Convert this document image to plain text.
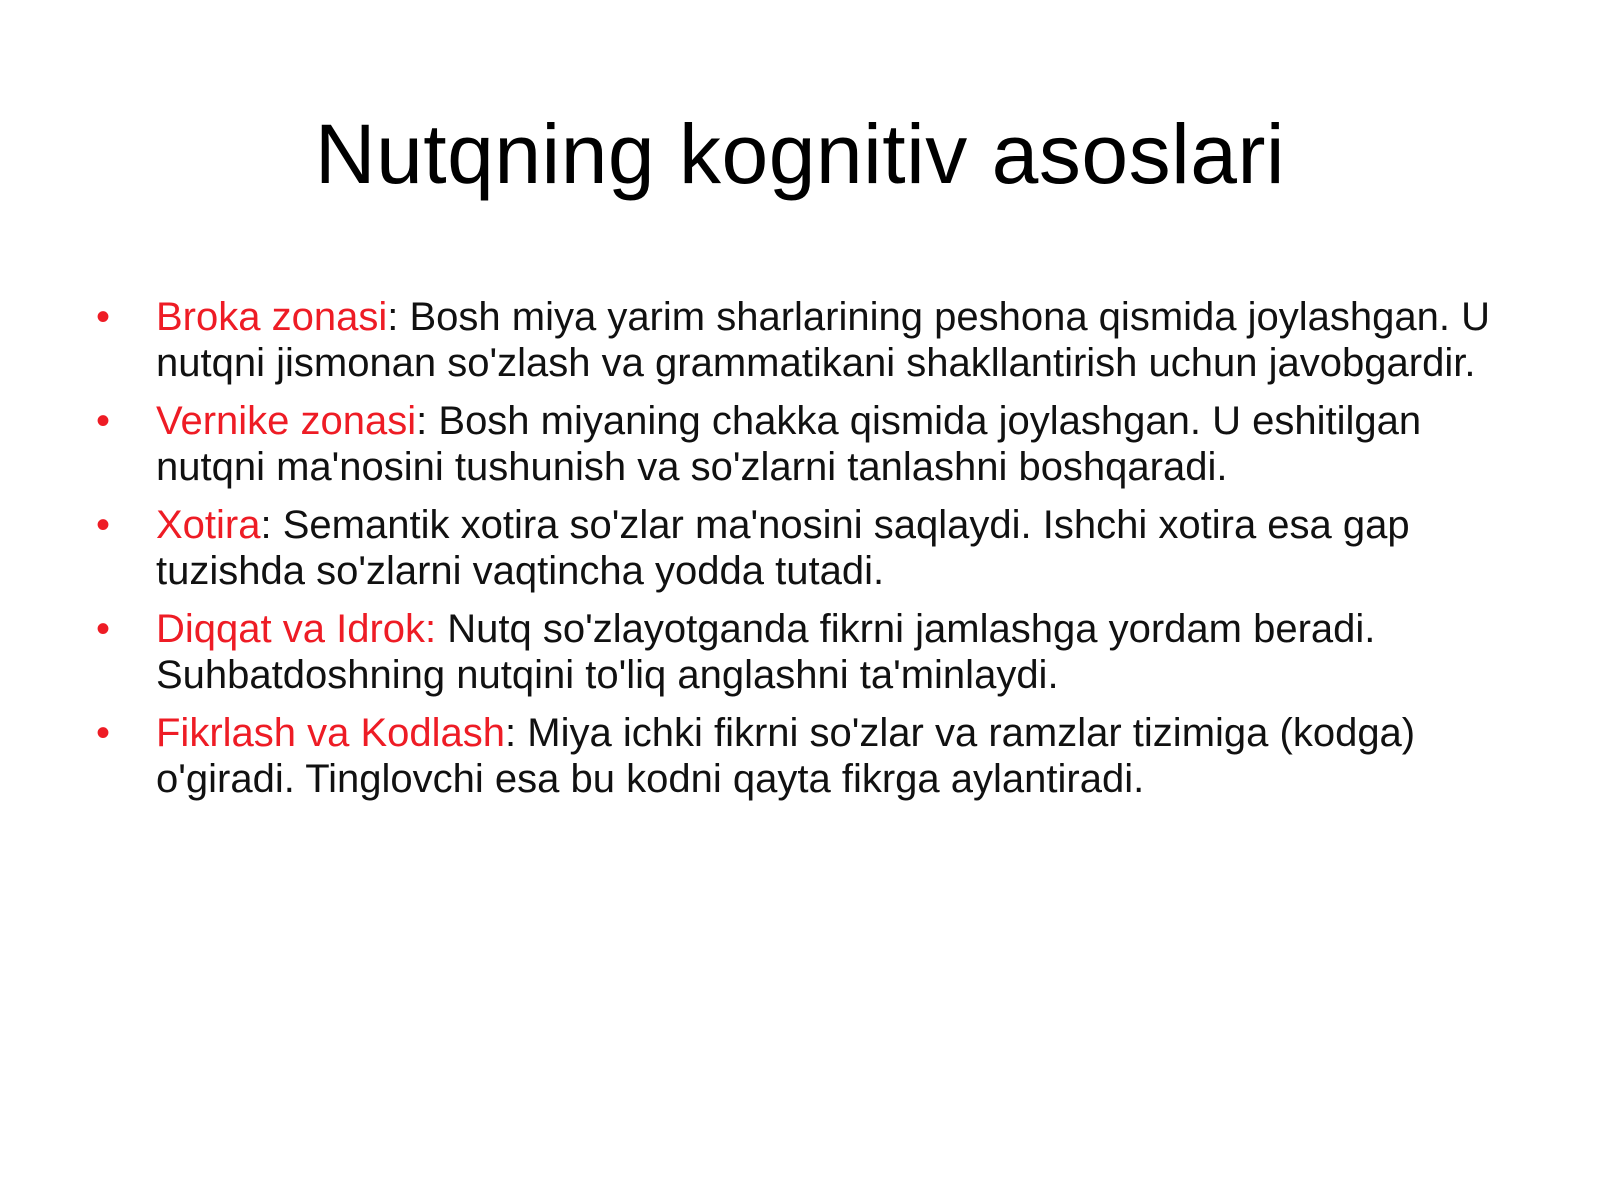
Nutqning kognitiv asoslari
• Broka zonasi: Bosh miya yarim sharlarining peshona qismida joylashgan. U nutqni jismonan so'zlash va grammatikani shakllantirish uchun javobgardir.
• Vernike zonasi: Bosh miyaning chakka qismida joylashgan. U eshitilgan nutqni ma'nosini tushunish va so'zlarni tanlashni boshqaradi.
• Xotira: Semantik xotira so'zlar ma'nosini saqlaydi. Ishchi xotira esa gap tuzishda so'zlarni vaqtincha yodda tutadi.
• Diqqat va Idrok: Nutq so'zlayotganda fikrni jamlashga yordam beradi. Suhbatdoshning nutqini to'liq anglashni ta'minlaydi.
• Fikrlash va Kodlash: Miya ichki fikrni so'zlar va ramzlar tizimiga (kodga) o'giradi. Tinglovchi esa bu kodni qayta fikrga aylantiradi.
